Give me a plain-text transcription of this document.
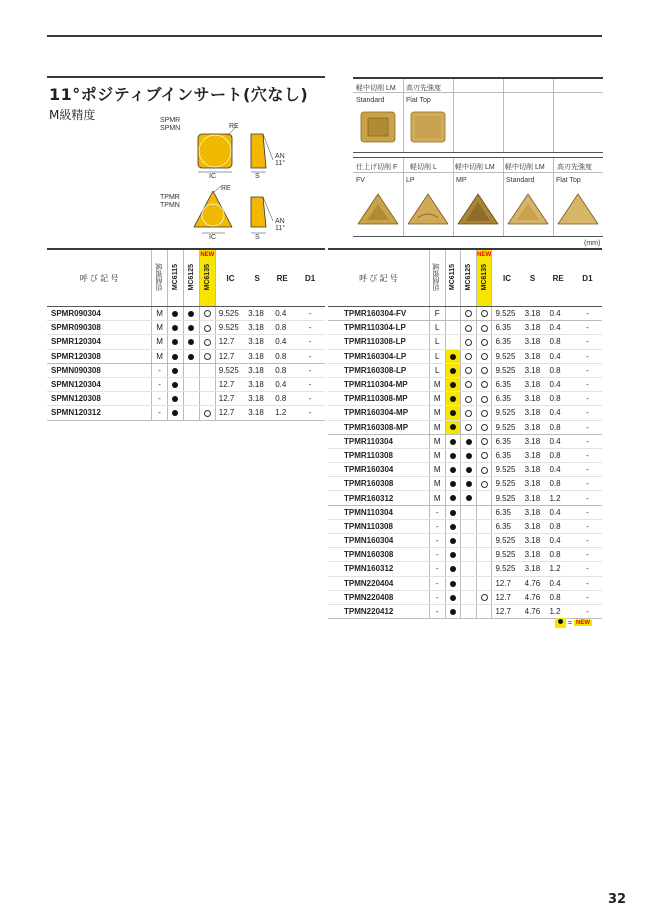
11°ポジティブインサート(穴なし)
M級精度	SPMR
SPMN	RE
AN
11°
IC	S
TPMR
TPMN
RE
AN
11°
IC	S
軽中切削 LM 高刃先強度
Standard	Flat Top
仕上げ切削 F 軽切削 L	軽中切削 LM 軽中切削 LM 高刃先強度
FV	LP	MP	Standard	Flat Top
(mm)
呼 び 記 号	切削領域	MC6115	MC6125	NEW
MC6135	IC	S	RE	D1
SPMR090304	M				9.525	3.18	0.4	-
SPMR090308	M				9.525	3.18	0.8	-
SPMR120304	M				12.7	3.18	0.4	-
SPMR120308	M				12.7	3.18	0.8	-
SPMN090308	-				9.525	3.18	0.8	-
SPMN120304	-				12.7	3.18	0.4	-
SPMN120308	-				12.7	3.18	0.8	-
SPMN120312	-				12.7	3.18	1.2	-
呼 び 記 号	切削領域	MC6115	MC6125	NEW
MC6135	IC	S	RE	D1
TPMR160304-FV	F				9.525	3.18	0.4	-
TPMR110304-LP	L				6.35	3.18	0.4	-
TPMR110308-LP	L				6.35	3.18	0.8	-
TPMR160304-LP	L				9.525	3.18	0.4	-
TPMR160308-LP	L				9.525	3.18	0.8	-
TPMR110304-MP	M				6.35	3.18	0.4	-
TPMR110308-MP	M				6.35	3.18	0.8	-
TPMR160304-MP	M				9.525	3.18	0.4	-
TPMR160308-MP	M				9.525	3.18	0.8	-
TPMR110304	M				6.35	3.18	0.4	-
TPMR110308	M				6.35	3.18	0.8	-
TPMR160304	M				9.525	3.18	0.4	-
TPMR160308	M				9.525	3.18	0.8	-
TPMR160312	M				9.525	3.18	1.2	-
TPMN110304	-				6.35	3.18	0.4	-
TPMN110308	-				6.35	3.18	0.8	-
TPMN160304	-				9.525	3.18	0.4	-
TPMN160308	-				9.525	3.18	0.8	-
TPMN160312	-				9.525	3.18	1.2	-
TPMN220404	-				12.7	4.76	0.4	-
TPMN220408	-				12.7	4.76	0.8	-
TPMN220412	-				12.7	4.76	1.2	-
= NEW
32
